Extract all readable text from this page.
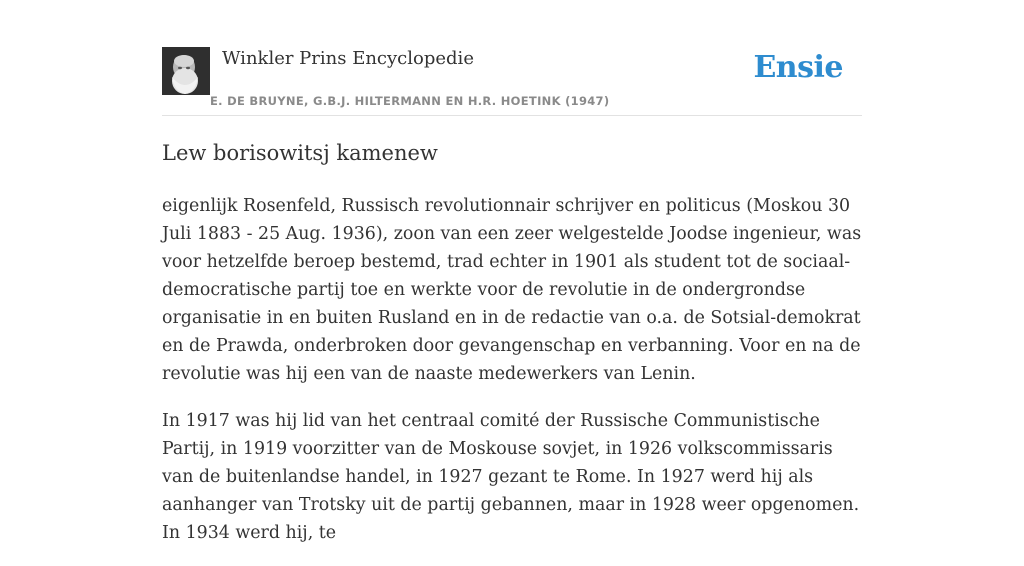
Winkler Prins Encyclopedie
E. DE BRUYNE, G.B.J. HILTERMANN EN H.R. HOETINK (1947)
Ensie
Lew borisowitsj kamenew

eigenlijk Rosenfeld, Russisch revolutionnair schrijver en politicus (Moskou 30 Juli 1883 - 25 Aug. 1936), zoon van een zeer welgestelde Joodse ingenieur, was voor hetzelfde beroep bestemd, trad echter in 1901 als student tot de sociaal-democratische partij toe en werkte voor de revolutie in de ondergrondse organisatie in en buiten Rusland en in de redactie van o.a. de Sotsial-demokrat en de Prawda, onderbroken door gevangenschap en verbanning. Voor en na de revolutie was hij een van de naaste medewerkers van Lenin.

In 1917 was hij lid van het centraal comité der Russische Communistische Partij, in 1919 voorzitter van de Moskouse sovjet, in 1926 volkscommissaris van de buitenlandse handel, in 1927 gezant te Rome. In 1927 werd hij als aanhanger van Trotsky uit de partij gebannen, maar in 1928 weer opgenomen. In 1934 werd hij, te
